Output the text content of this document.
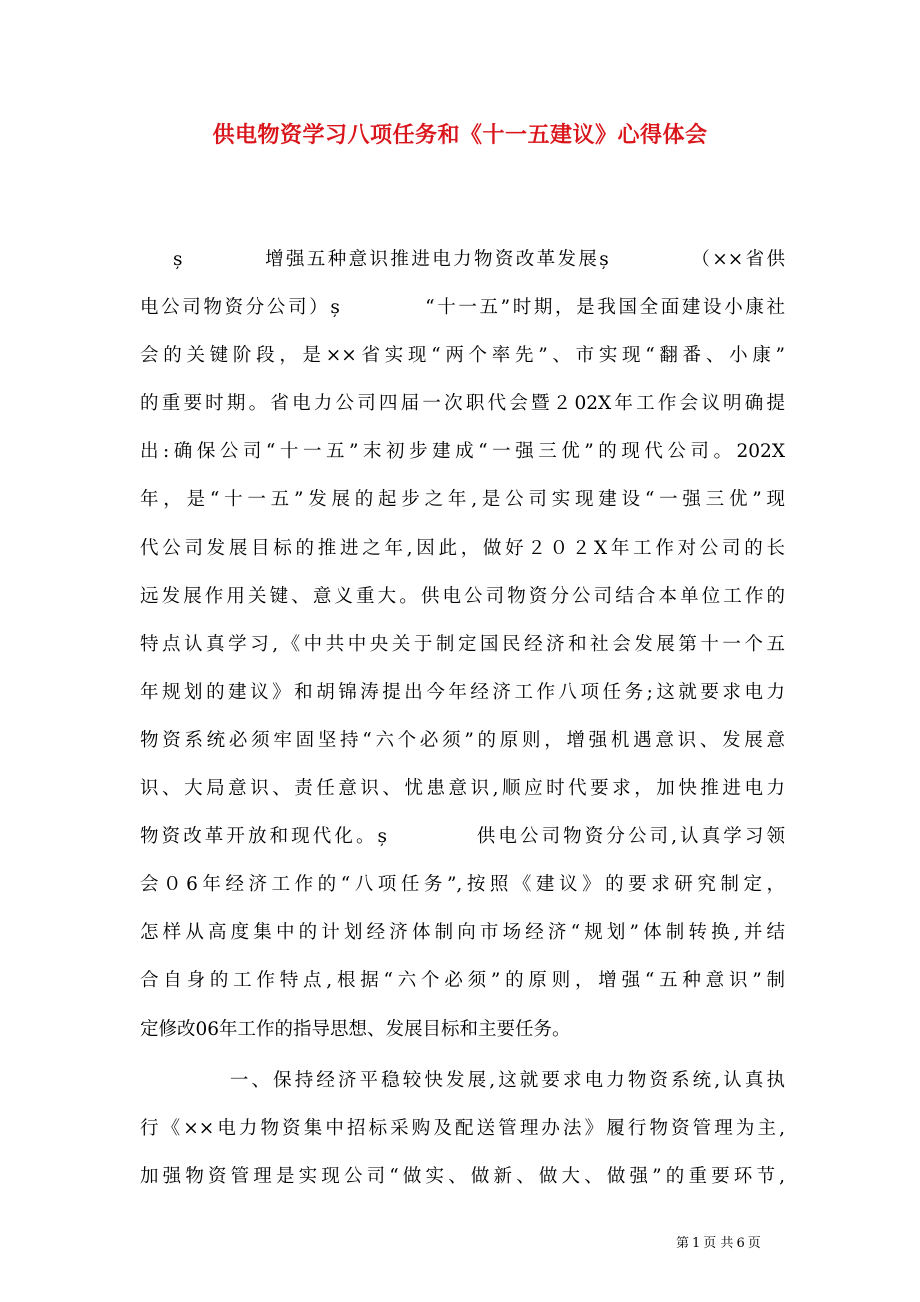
供电物资学习八项任务和《十一五建议》心得体会
ș          增强五种意识推进电力物资改革发展ș          （××省供
电公司物资分公司）ș          “十一五”时期，是我国全面建设小康社
会的关键阶段，是××省实现“两个率先”、市实现“翻番、小康”
的重要时期。省电力公司四届一次职代会暨２02X年工作会议明确提
出:确保公司“十一五”末初步建成“一强三优”的现代公司。202X
年，是“十一五”发展的起步之年,是公司实现建设“一强三优”现
代公司发展目标的推进之年,因此，做好２０２X年工作对公司的长
远发展作用关键、意义重大。供电公司物资分公司结合本单位工作的
特点认真学习,《中共中央关于制定国民经济和社会发展第十一个五
年规划的建议》和胡锦涛提出今年经济工作八项任务;这就要求电力
物资系统必须牢固坚持“六个必须”的原则，增强机遇意识、发展意
识、大局意识、责任意识、忧患意识,顺应时代要求，加快推进电力
物资改革开放和现代化。ș          供电公司物资分公司,认真学习领
会０6年经济工作的“八项任务”,按照《建议》的要求研究制定，
怎样从高度集中的计划经济体制向市场经济“规划”体制转换,并结
合自身的工作特点,根据“六个必须”的原则，增强“五种意识”制
定修改06年工作的指导思想、发展目标和主要任务。
一、保持经济平稳较快发展,这就要求电力物资系统,认真执
行《××电力物资集中招标采购及配送管理办法》履行物资管理为主,
加强物资管理是实现公司“做实、做新、做大、做强”的重要环节,
第 1 页 共 6 页
